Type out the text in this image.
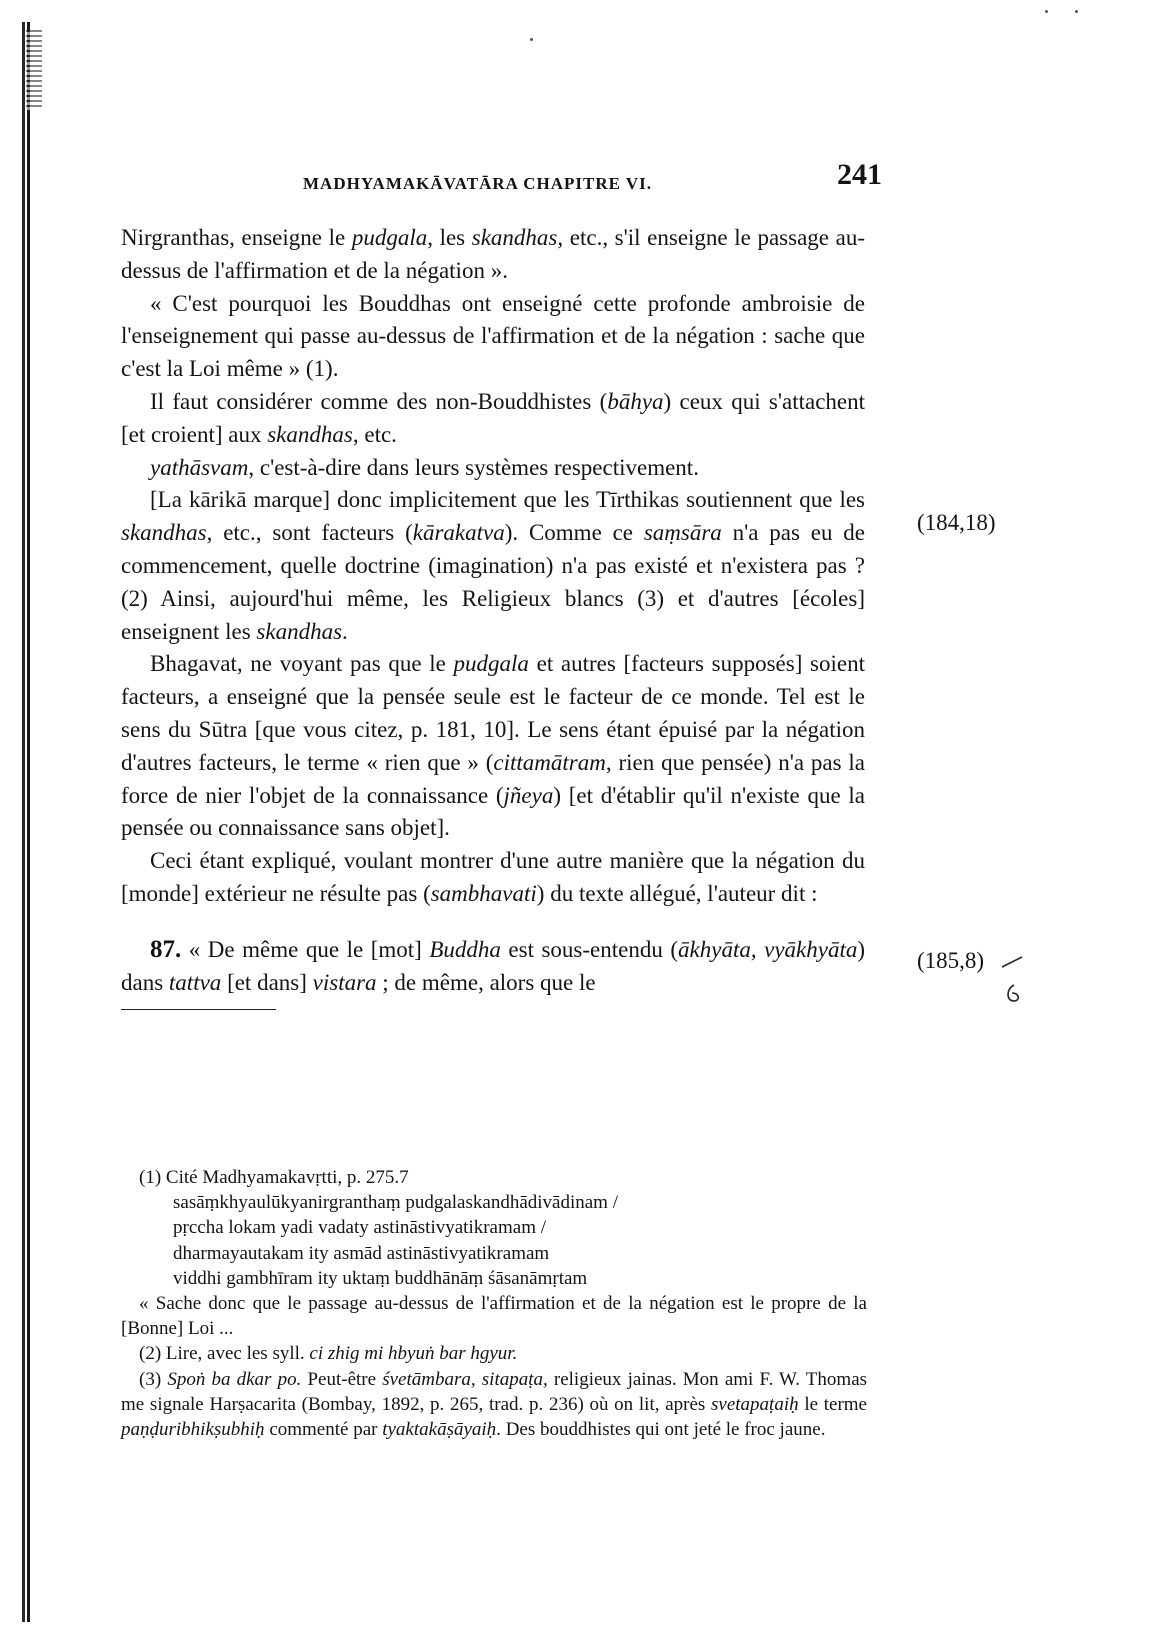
MADHYAMAKĀVATĀRA CHAPITRE VI.	241
(184,18)
(185,8)

Nirgranthas, enseigne le pudgala, les skandhas, etc., s'il enseigne le passage au-dessus de l'affirmation et de la négation ».

« C'est pourquoi les Bouddhas ont enseigné cette profonde ambroisie de l'enseignement qui passe au-dessus de l'affirmation et de la négation : sache que c'est la Loi même » (1).

Il faut considérer comme des non-Bouddhistes (bāhya) ceux qui s'attachent [et croient] aux skandhas, etc.

yathāsvam, c'est-à-dire dans leurs systèmes respectivement.

[La kārikā marque] donc implicitement que les Tīrthikas soutiennent que les skandhas, etc., sont facteurs (kārakatva). Comme ce saṃsāra n'a pas eu de commencement, quelle doctrine (imagination) n'a pas existé et n'existera pas ? (2) Ainsi, aujourd'hui même, les Religieux blancs (3) et d'autres [écoles] enseignent les skandhas.

Bhagavat, ne voyant pas que le pudgala et autres [facteurs supposés] soient facteurs, a enseigné que la pensée seule est le facteur de ce monde. Tel est le sens du Sūtra [que vous citez, p. 181, 10]. Le sens étant épuisé par la négation d'autres facteurs, le terme « rien que » (cittamātram, rien que pensée) n'a pas la force de nier l'objet de la connaissance (jñeya) [et d'établir qu'il n'existe que la pensée ou connaissance sans objet].

Ceci étant expliqué, voulant montrer d'une autre manière que la négation du [monde] extérieur ne résulte pas (sambhavati) du texte allégué, l'auteur dit :

87. « De même que le [mot] Buddha est sous-entendu (ākhyāta, vyākhyāta) dans tattva [et dans] vistara ; de même, alors que le

(1) Cité Madhyamakavṛtti, p. 275.7

sasāṃkhyaulūkyanirgranthaṃ pudgalaskandhādivādinam /

pṛccha lokam yadi vadaty astināstivyatikramam /

dharmayautakam ity asmād astināstivyatikramam

viddhi gambhīram ity uktaṃ buddhānāṃ śāsanāmṛtam

« Sache donc que le passage au-dessus de l'affirmation et de la négation est le propre de la [Bonne] Loi ...

(2) Lire, avec les syll. ci zhig mi hbyuṅ bar hgyur.

(3) Spoṅ ba dkar po. Peut-être śvetāmbara, sitapaṭa, religieux jainas. Mon ami F. W. Thomas me signale Harṣacarita (Bombay, 1892, p. 265, trad. p. 236) où on lit, après svetapaṭaiḥ le terme paṇḍuribhikṣubhiḥ commenté par tyaktakāṣāyaiḥ. Des bouddhistes qui ont jeté le froc jaune.
